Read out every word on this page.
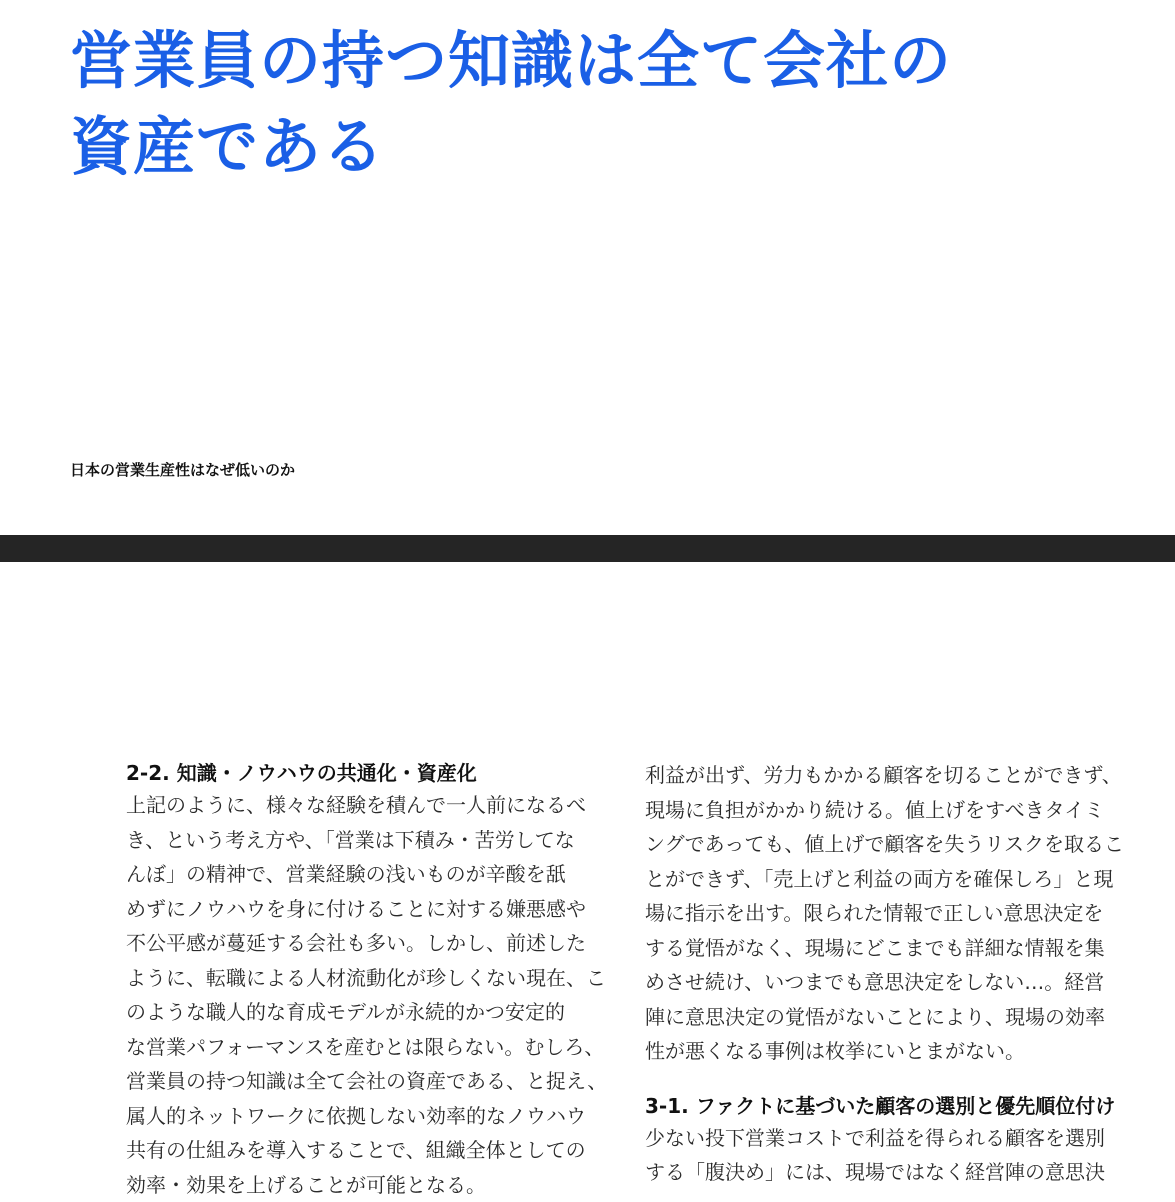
営業員の持つ知識は全て会社の
資産である
日本の営業生産性はなぜ低いのか
2-2. 知識・ノウハウの共通化・資産化
上記のように、様々な経験を積んで一人前になるべ
き、という考え方や、「営業は下積み・苦労してな
んぼ」の精神で、営業経験の浅いものが辛酸を舐
めずにノウハウを身に付けることに対する嫌悪感や
不公平感が蔓延する会社も多い。しかし、前述した
ように、転職による人材流動化が珍しくない現在、こ
のような職人的な育成モデルが永続的かつ安定的
な営業パフォーマンスを産むとは限らない。むしろ、
営業員の持つ知識は全て会社の資産である、と捉え、
属人的ネットワークに依拠しない効率的なノウハウ
共有の仕組みを導入することで、組織全体としての
効率・効果を上げることが可能となる。
利益が出ず、労力もかかる顧客を切ることができず、
現場に負担がかかり続ける。値上げをすべきタイミ
ングであっても、値上げで顧客を失うリスクを取るこ
とができず、「売上げと利益の両方を確保しろ」と現
場に指示を出す。限られた情報で正しい意思決定を
する覚悟がなく、現場にどこまでも詳細な情報を集
めさせ続け、いつまでも意思決定をしない…。経営
陣に意思決定の覚悟がないことにより、現場の効率
性が悪くなる事例は枚挙にいとまがない。
3-1. ファクトに基づいた顧客の選別と優先順位付け
少ない投下営業コストで利益を得られる顧客を選別
する「腹決め」には、現場ではなく経営陣の意思決
